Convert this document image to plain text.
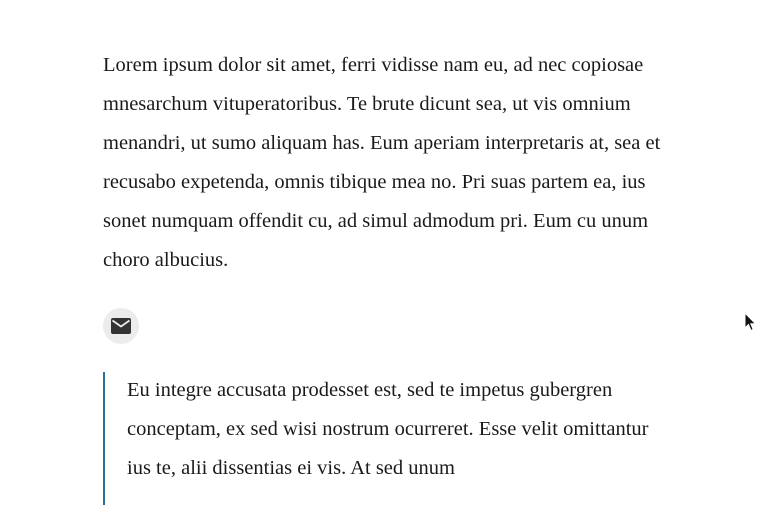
Lorem ipsum dolor sit amet, ferri vidisse nam eu, ad nec copiosae mnesarchum vituperatoribus. Te brute dicunt sea, ut vis omnium menandri, ut sumo aliquam has. Eum aperiam interpretaris at, sea et recusabo expetenda, omnis tibique mea no. Pri suas partem ea, ius sonet numquam offendit cu, ad simul admodum pri. Eum cu unum choro albucius.

Eu integre accusata prodesset est, sed te impetus gubergren conceptam, ex sed wisi nostrum ocurreret. Esse velit omittantur ius te, alii dissentias ei vis. At sed unum
